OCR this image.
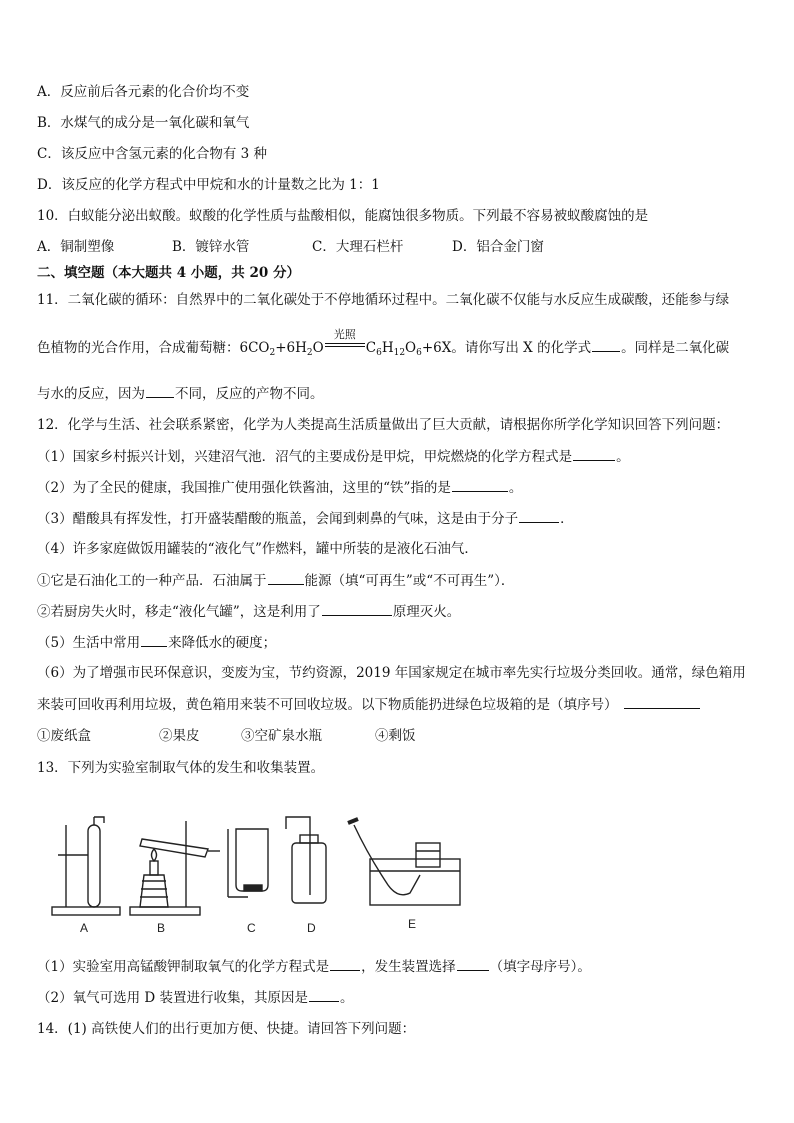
A．反应前后各元素的化合价均不变
B．水煤气的成分是一氧化碳和氧气
C．该反应中含氢元素的化合物有 3 种
D．该反应的化学方程式中甲烷和水的计量数之比为 1：1
10．白蚁能分泌出蚁酸。蚁酸的化学性质与盐酸相似，能腐蚀很多物质。下列最不容易被蚁酸腐蚀的是
A．铜制塑像	B．镀锌水管	C．大理石栏杆	D．铝合金门窗
二、填空题（本大题共 4 小题，共 20 分）
11．二氧化碳的循环：自然界中的二氧化碳处于不停地循环过程中。二氧化碳不仅能与水反应生成碳酸，还能参与绿
色植物的光合作用，合成葡萄糖：$6CO_2+6H_2O$
光照
$C_6H_{12}O_6+6X$。请你写出 X 的化学式 。同样是二氧化碳
与水的反应，因为 不同，反应的产物不同。
12．化学与生活、社会联系紧密，化学为人类提高生活质量做出了巨大贡献，请根据你所学化学知识回答下列问题：
（1）国家乡村振兴计划，兴建沼气池．沼气的主要成份是甲烷，甲烷燃烧的化学方程式是	。
（2）为了全民的健康，我国推广使用强化铁酱油，这里的“铁”指的是	。
（3）醋酸具有挥发性，打开盛装醋酸的瓶盖，会闻到刺鼻的气味，这是由于分子	．
（4）许多家庭做饭用罐装的“液化气”作燃料，罐中所装的是液化石油气．
①它是石油化工的一种产品．石油属于	能源（填“可再生”或“不可再生”）．
②若厨房失火时，移走“液化气罐”，这是利用了	原理灭火。
（5）生活中常用 来降低水的硬度；
（6）为了增强市民环保意识，变废为宝，节约资源，2019 年国家规定在城市率先实行垃圾分类回收。通常，绿色箱用
来装可回收再利用垃圾，黄色箱用来装不可回收垃圾。以下物质能扔进绿色垃圾箱的是（填序号）
①废纸盒	②果皮	③空矿泉水瓶	④剩饭
13．下列为实验室制取气体的发生和收集装置。
A	B	C	D	E
（1）实验室用高锰酸钾制取氧气的化学方程式是 ，发生装置选择	（填字母序号）。
（2）氧气可选用 D 装置进行收集，其原因是 。
14．(1) 高铁使人们的出行更加方便、快捷。请回答下列问题：
